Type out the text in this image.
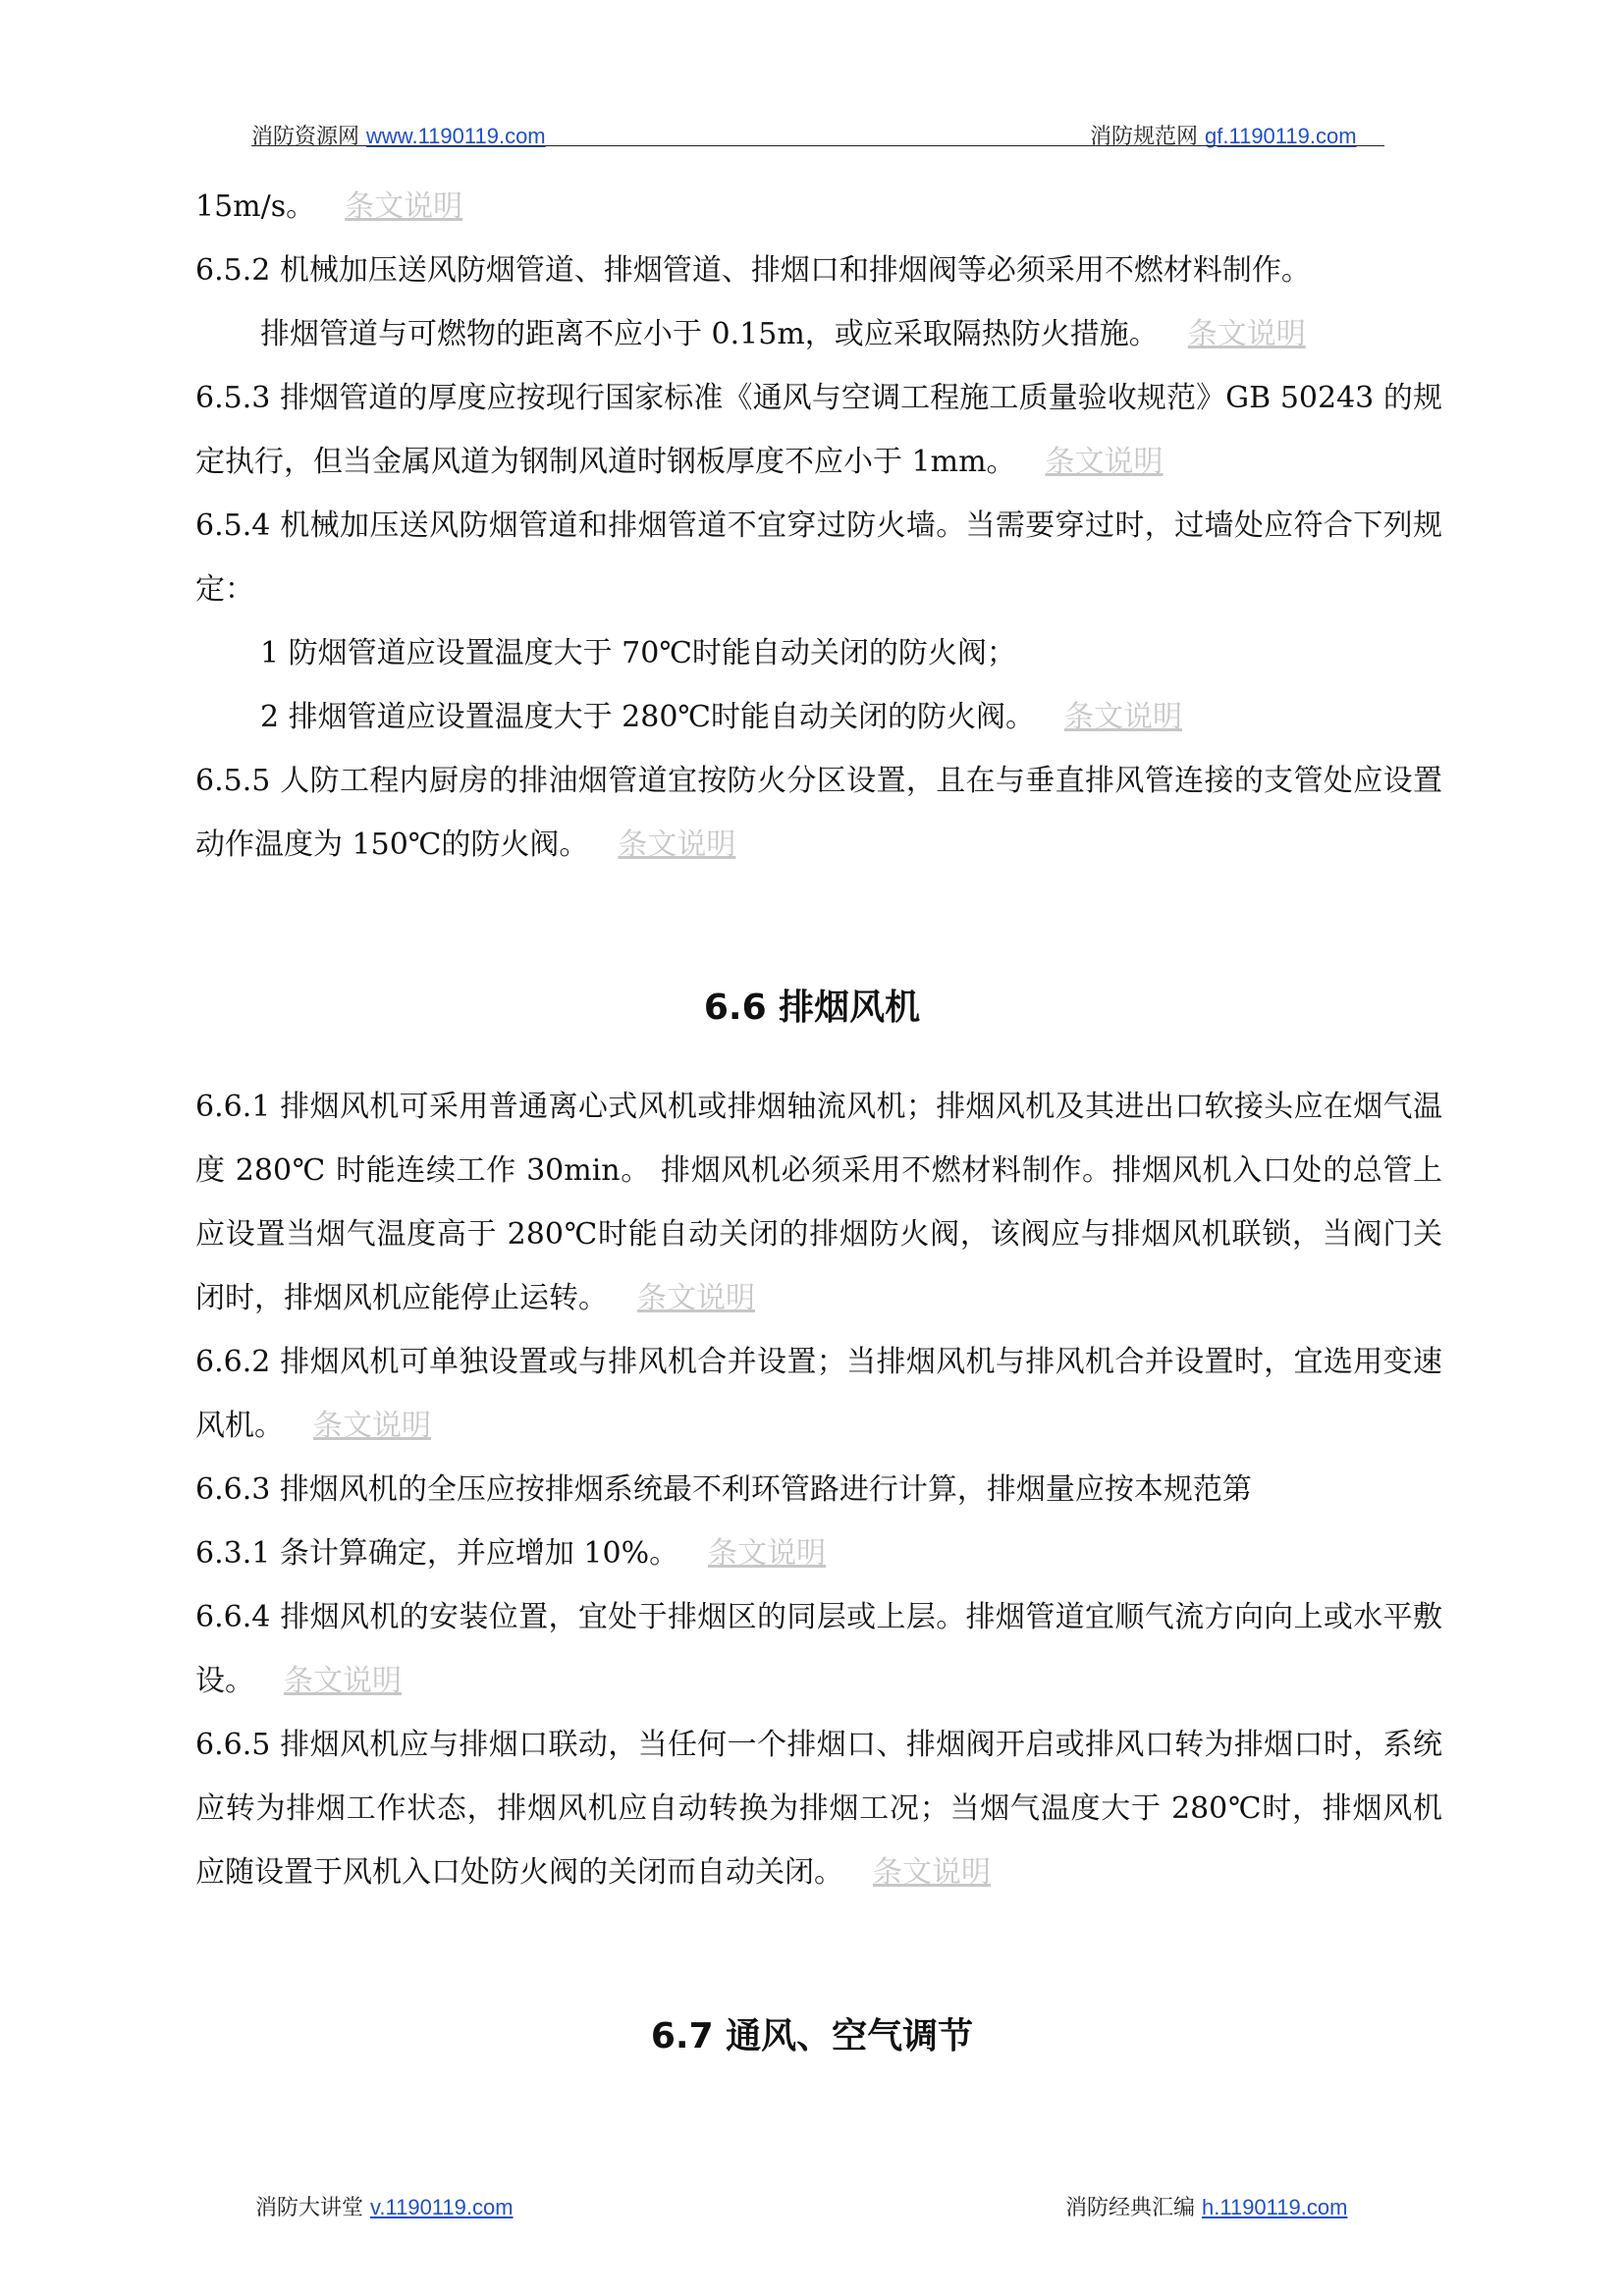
消防资源网 www.1190119.com	消防规范网 gf.1190119.com

15m/s。 条文说明

6.5.2 机械加压送风防烟管道、排烟管道、排烟口和排烟阀等必须采用不燃材料制作。

排烟管道与可燃物的距离不应小于 0.15m，或应采取隔热防火措施。 条文说明

6.5.3 排烟管道的厚度应按现行国家标准《通风与空调工程施工质量验收规范》GB 50243 的规定执行，但当金属风道为钢制风道时钢板厚度不应小于 1mm。 条文说明

6.5.4 机械加压送风防烟管道和排烟管道不宜穿过防火墙。当需要穿过时，过墙处应符合下列规定：

1 防烟管道应设置温度大于 70℃时能自动关闭的防火阀；

2 排烟管道应设置温度大于 280℃时能自动关闭的防火阀。 条文说明

6.5.5 人防工程内厨房的排油烟管道宜按防火分区设置，且在与垂直排风管连接的支管处应设置动作温度为 150℃的防火阀。 条文说明

6.6 排烟风机

6.6.1 排烟风机可采用普通离心式风机或排烟轴流风机；排烟风机及其进出口软接头应在烟气温度 280℃ 时能连续工作 30min。 排烟风机必须采用不燃材料制作。排烟风机入口处的总管上应设置当烟气温度高于 280℃时能自动关闭的排烟防火阀，该阀应与排烟风机联锁，当阀门关闭时，排烟风机应能停止运转。 条文说明

6.6.2 排烟风机可单独设置或与排风机合并设置；当排烟风机与排风机合并设置时，宜选用变速风机。 条文说明

6.6.3 排烟风机的全压应按排烟系统最不利环管路进行计算，排烟量应按本规范第

6.3.1 条计算确定，并应增加 10%。 条文说明

6.6.4 排烟风机的安装位置，宜处于排烟区的同层或上层。排烟管道宜顺气流方向向上或水平敷设。 条文说明

6.6.5 排烟风机应与排烟口联动，当任何一个排烟口、排烟阀开启或排风口转为排烟口时，系统应转为排烟工作状态，排烟风机应自动转换为排烟工况；当烟气温度大于 280℃时，排烟风机应随设置于风机入口处防火阀的关闭而自动关闭。 条文说明

6.7 通风、空气调节
消防大讲堂 v.1190119.com	消防经典汇编 h.1190119.com
